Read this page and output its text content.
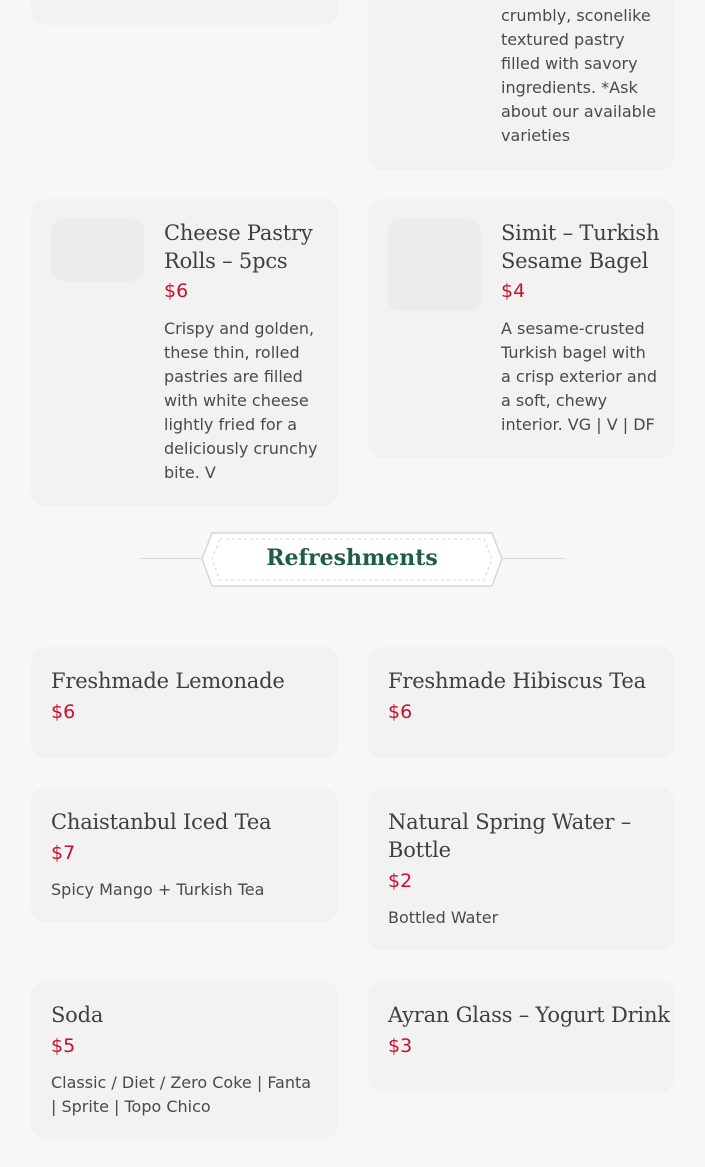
crumbly, sconelike
textured pastry
filled with savory
ingredients. *Ask
about our available
varieties
Cheese Pastry
Rolls – 5pcs
$6
Crispy and golden,
these thin, rolled
pastries are filled
with white cheese
lightly fried for a
deliciously crunchy
bite. V
Simit – Turkish
Sesame Bagel
$4
A sesame-crusted
Turkish bagel with
a crisp exterior and
a soft, chewy
interior. VG | V | DF
Refreshments
Freshmade Lemonade
$6
Freshmade Hibiscus Tea
$6
Chaistanbul Iced Tea
$7
Spicy Mango + Turkish Tea
Natural Spring Water –
Bottle
$2
Bottled Water
Soda
$5
Classic / Diet / Zero Coke | Fanta
| Sprite | Topo Chico
Ayran Glass – Yogurt Drink
$3
